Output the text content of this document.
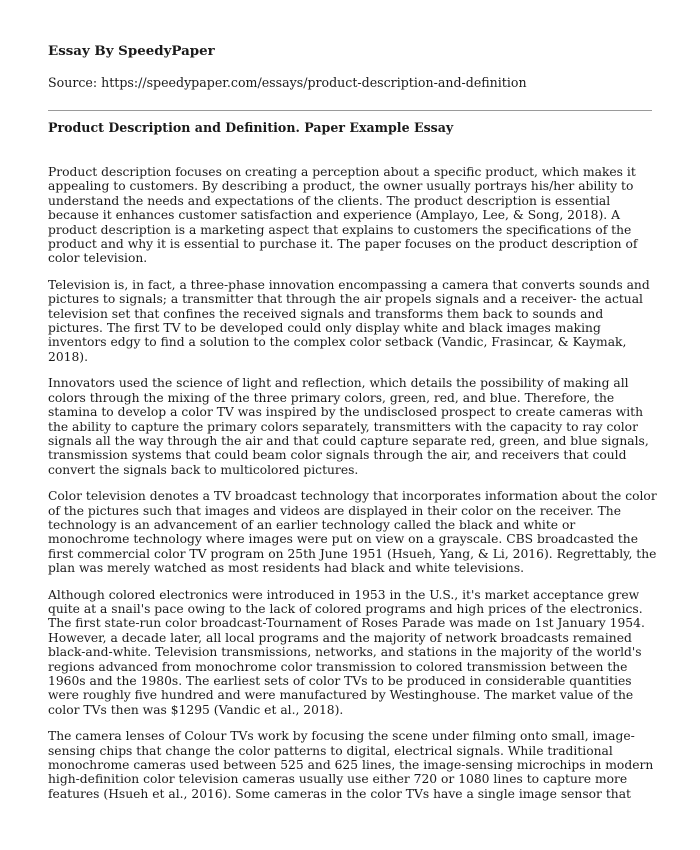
Essay By SpeedyPaper

Source: https://speedypaper.com/essays/product-description-and-definition

Product Description and Definition. Paper Example Essay

Product description focuses on creating a perception about a specific product, which makes it appealing to customers. By describing a product, the owner usually portrays his/her ability to understand the needs and expectations of the clients. The product description is essential because it enhances customer satisfaction and experience (Amplayo, Lee, & Song, 2018). A product description is a marketing aspect that explains to customers the specifications of the product and why it is essential to purchase it. The paper focuses on the product description of color television.

Television is, in fact, a three-phase innovation encompassing a camera that converts sounds and pictures to signals; a transmitter that through the air propels signals and a receiver- the actual television set that confines the received signals and transforms them back to sounds and pictures. The first TV to be developed could only display white and black images making inventors edgy to find a solution to the complex color setback (Vandic, Frasincar, & Kaymak, 2018).

Innovators used the science of light and reflection, which details the possibility of making all colors through the mixing of the three primary colors, green, red, and blue. Therefore, the stamina to develop a color TV was inspired by the undisclosed prospect to create cameras with the ability to capture the primary colors separately, transmitters with the capacity to ray color signals all the way through the air and that could capture separate red, green, and blue signals, transmission systems that could beam color signals through the air, and receivers that could convert the signals back to multicolored pictures.

Color television denotes a TV broadcast technology that incorporates information about the color of the pictures such that images and videos are displayed in their color on the receiver. The technology is an advancement of an earlier technology called the black and white or monochrome technology where images were put on view on a grayscale. CBS broadcasted the first commercial color TV program on 25th June 1951 (Hsueh, Yang, & Li, 2016). Regrettably, the plan was merely watched as most residents had black and white televisions.

Although colored electronics were introduced in 1953 in the U.S., it's market acceptance grew quite at a snail's pace owing to the lack of colored programs and high prices of the electronics. The first state-run color broadcast-Tournament of Roses Parade was made on 1st January 1954. However, a decade later, all local programs and the majority of network broadcasts remained black-and-white. Television transmissions, networks, and stations in the majority of the world's regions advanced from monochrome color transmission to colored transmission between the 1960s and the 1980s. The earliest sets of color TVs to be produced in considerable quantities were roughly five hundred and were manufactured by Westinghouse. The market value of the color TVs then was $1295 (Vandic et al., 2018).

The camera lenses of Colour TVs work by focusing the scene under filming onto small, image-sensing chips that change the color patterns to digital, electrical signals. While traditional monochrome cameras used between 525 and 625 lines, the image-sensing microchips in modern high-definition color television cameras usually use either 720 or 1080 lines to capture more features (Hsueh et al., 2016). Some cameras in the color TVs have a single image sensor that
